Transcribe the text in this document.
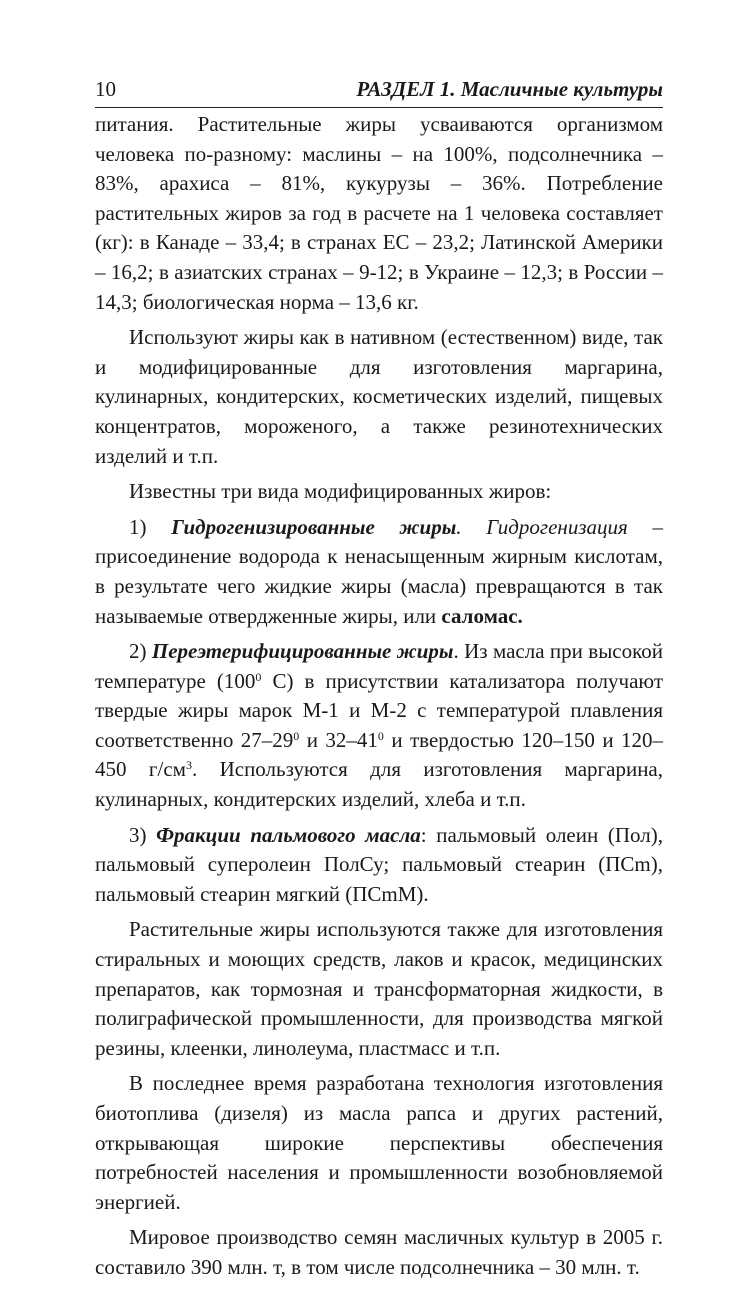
10	РАЗДЕЛ 1. Масличные культуры

питания. Растительные жиры усваиваются организмом человека по-разному: маслины – на 100%, подсолнечника – 83%, арахиса – 81%, кукурузы – 36%. Потребление растительных жиров за год в расчете на 1 человека составляет (кг): в Канаде – 33,4; в странах ЕС – 23,2; Латинской Америки – 16,2; в азиатских странах – 9-12; в Украине – 12,3; в России –14,3; биологическая норма – 13,6 кг.

Используют жиры как в нативном (естественном) виде, так и модифицированные для изготовления маргарина, кулинарных, кондитерских, косметических изделий, пищевых концентратов, мороженого, а также резинотехнических изделий и т.п.

Известны три вида модифицированных жиров:

1) Гидрогенизированные жиры. Гидрогенизация – присоединение водорода к ненасыщенным жирным кислотам, в результате чего жидкие жиры (масла) превращаются в так называемые отвердженные жиры, или саломас.

2) Переэтерифицированные жиры. Из масла при высокой температуре ($100^0$ С) в присутствии катализатора получают твердые жиры марок М-1 и М-2 с температурой плавления соответственно $27-29^0$ и $32-41^0$ и твердостью 120–150 и 120–450 $г/см^3$. Используются для изготовления маргарина, кулинарных, кондитерских изделий, хлеба и т.п.

3) Фракции пальмового масла: пальмовый олеин (Пол), пальмовый суперолеин ПолСу; пальмовый стеарин (ПСm), пальмовый стеарин мягкий (ПСmМ).

Растительные жиры используются также для изготовления стиральных и моющих средств, лаков и красок, медицинских препаратов, как тормозная и трансформаторная жидкости, в полиграфической промышленности, для производства мягкой резины, клеенки, линолеума, пластмасс и т.п.

В последнее время разработана технология изготовления биотоплива (дизеля) из масла рапса и других растений, открывающая широкие перспективы обеспечения потребностей населения и промышленности возобновляемой энергией.

Мировое производство семян масличных культур в 2005 г. составило 390 млн. т, в том числе подсолнечника – 30 млн. т.
